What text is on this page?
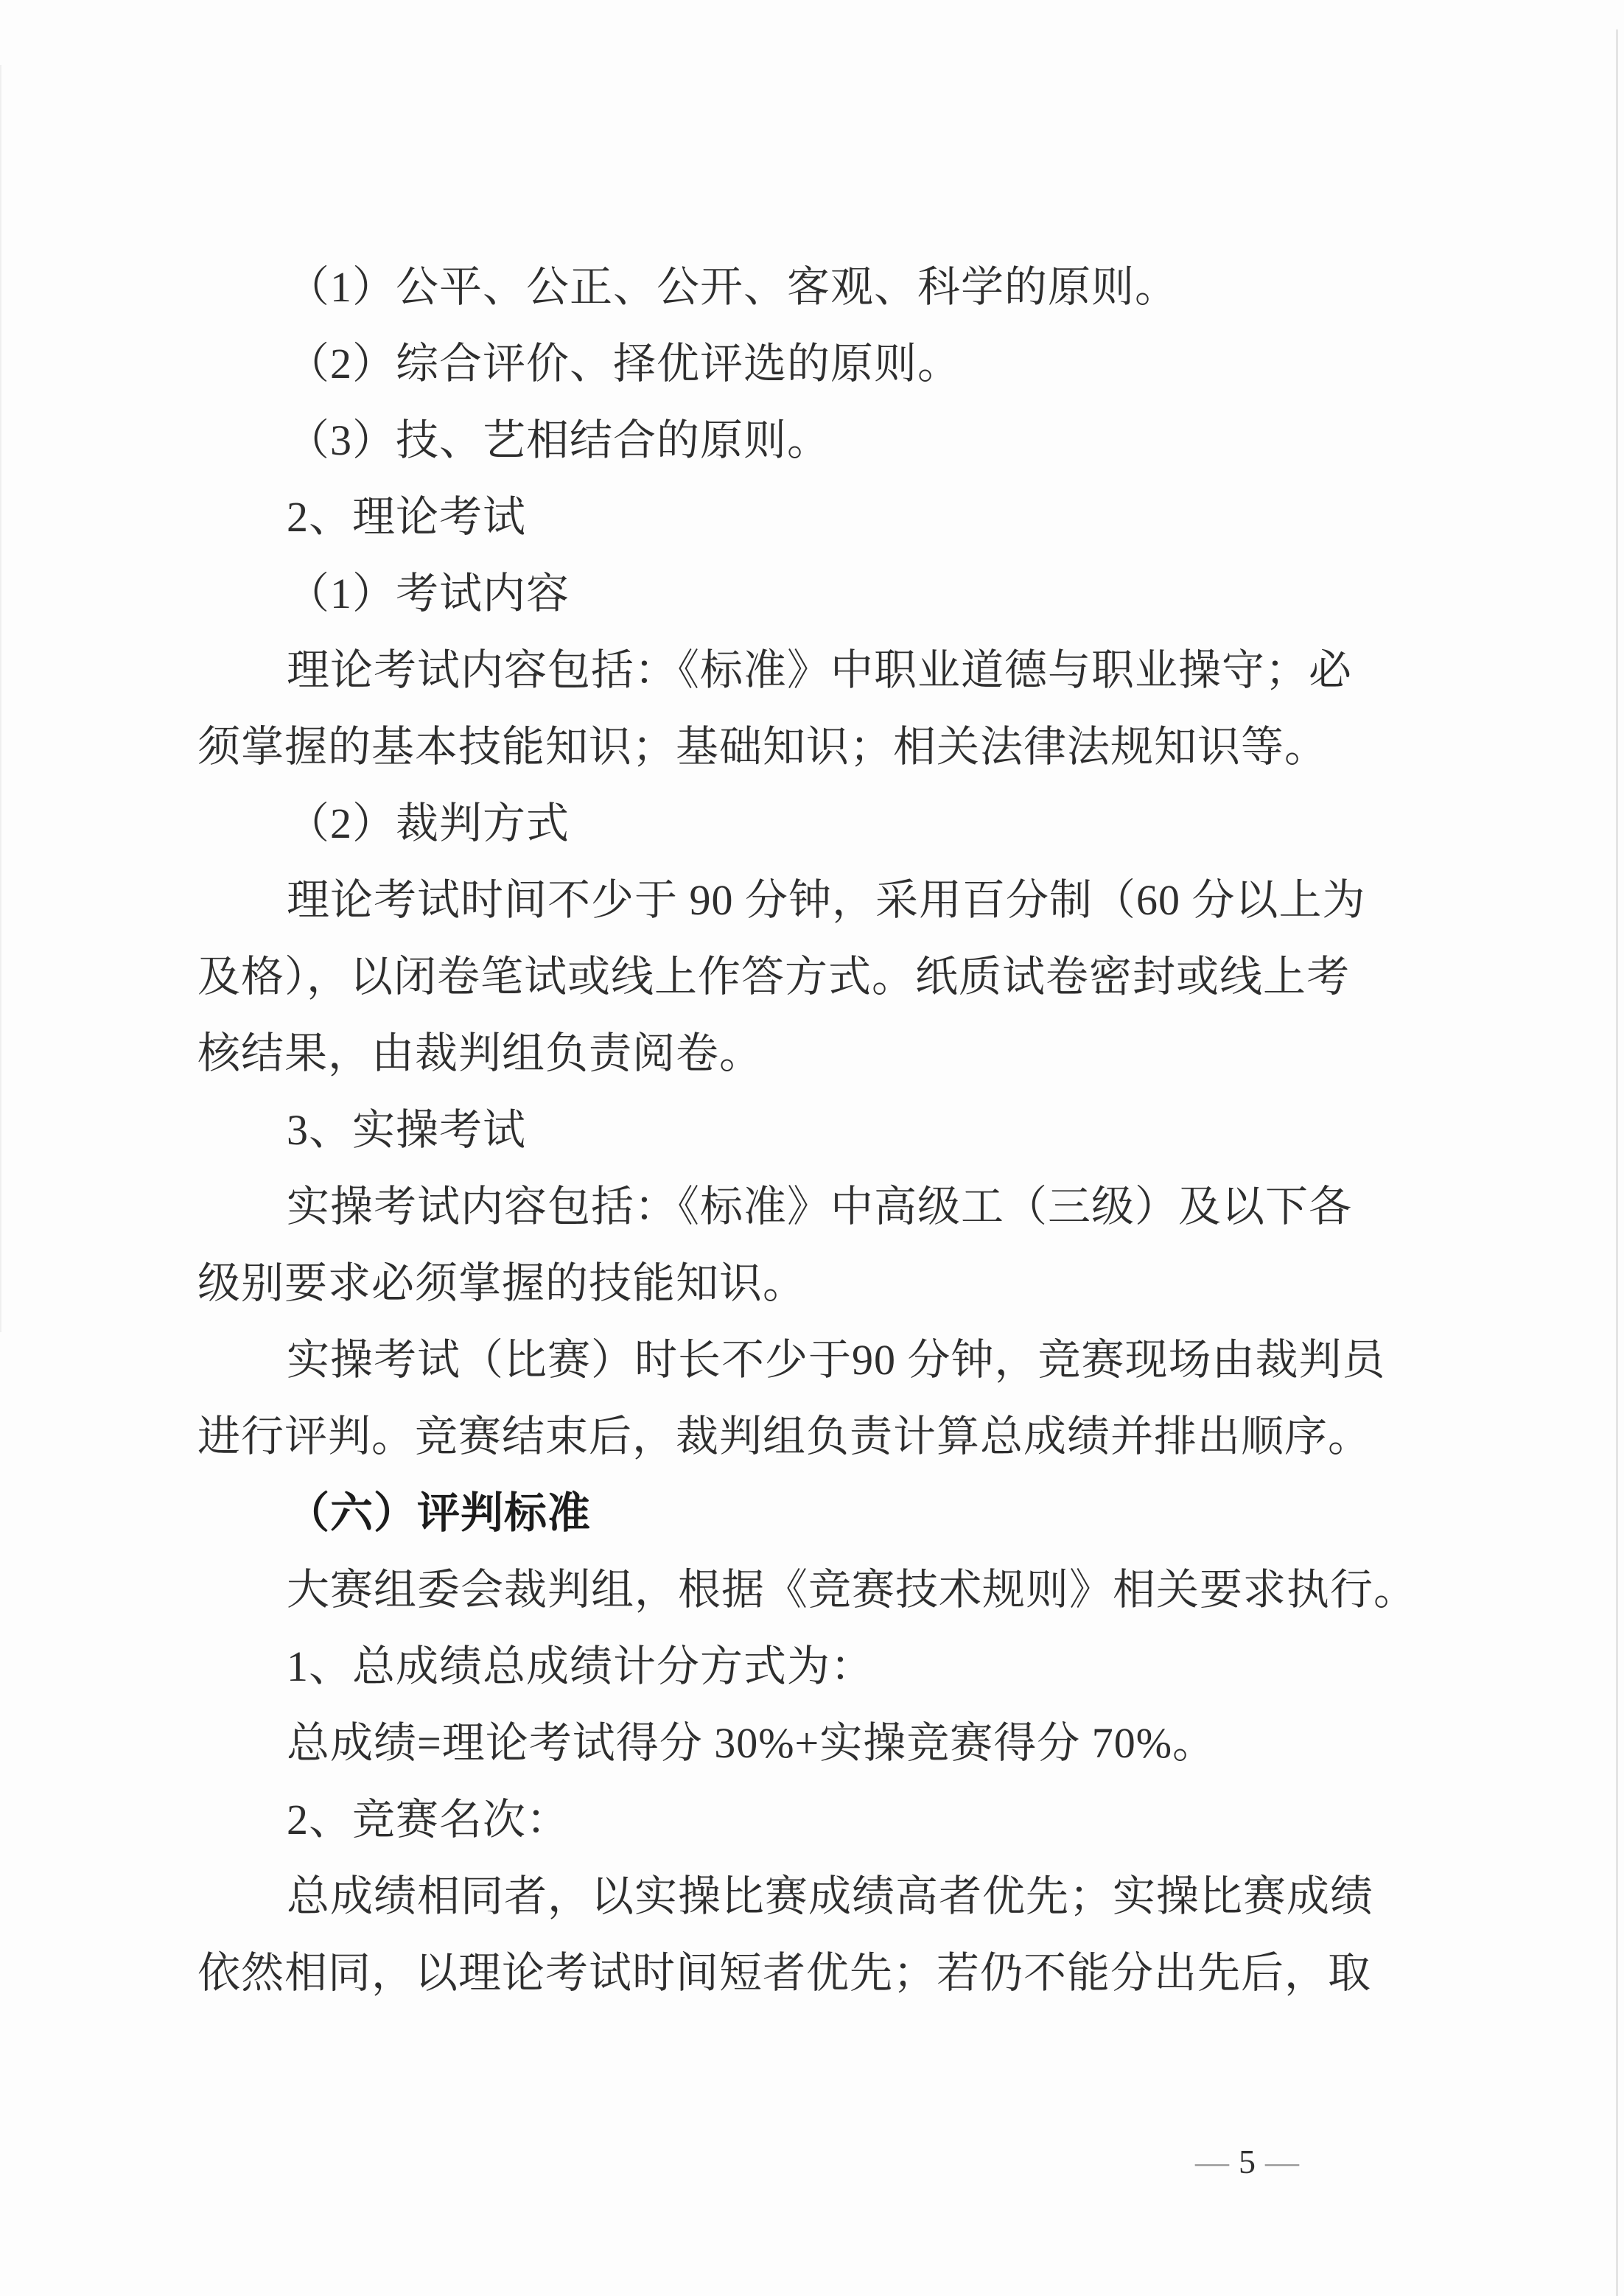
（1）公平、公正、公开、客观、科学的原则。
（2）综合评价、择优评选的原则。
（3）技、艺相结合的原则。
2、理论考试
（1）考试内容
理论考试内容包括：《标准》中职业道德与职业操守；必
须掌握的基本技能知识；基础知识；相关法律法规知识等。
（2）裁判方式
理论考试时间不少于 90 分钟，采用百分制（60 分以上为
及格），以闭卷笔试或线上作答方式。纸质试卷密封或线上考
核结果，由裁判组负责阅卷。
3、实操考试
实操考试内容包括：《标准》中高级工（三级）及以下各
级别要求必须掌握的技能知识。
实操考试（比赛）时长不少于90 分钟，竞赛现场由裁判员
进行评判。竞赛结束后，裁判组负责计算总成绩并排出顺序。
（六）评判标准
大赛组委会裁判组，根据《竞赛技术规则》相关要求执行。
1、总成绩总成绩计分方式为：
总成绩=理论考试得分 30%+实操竞赛得分 70%。
2、竞赛名次：
总成绩相同者，以实操比赛成绩高者优先；实操比赛成绩
依然相同，以理论考试时间短者优先；若仍不能分出先后，取
— 5 —
